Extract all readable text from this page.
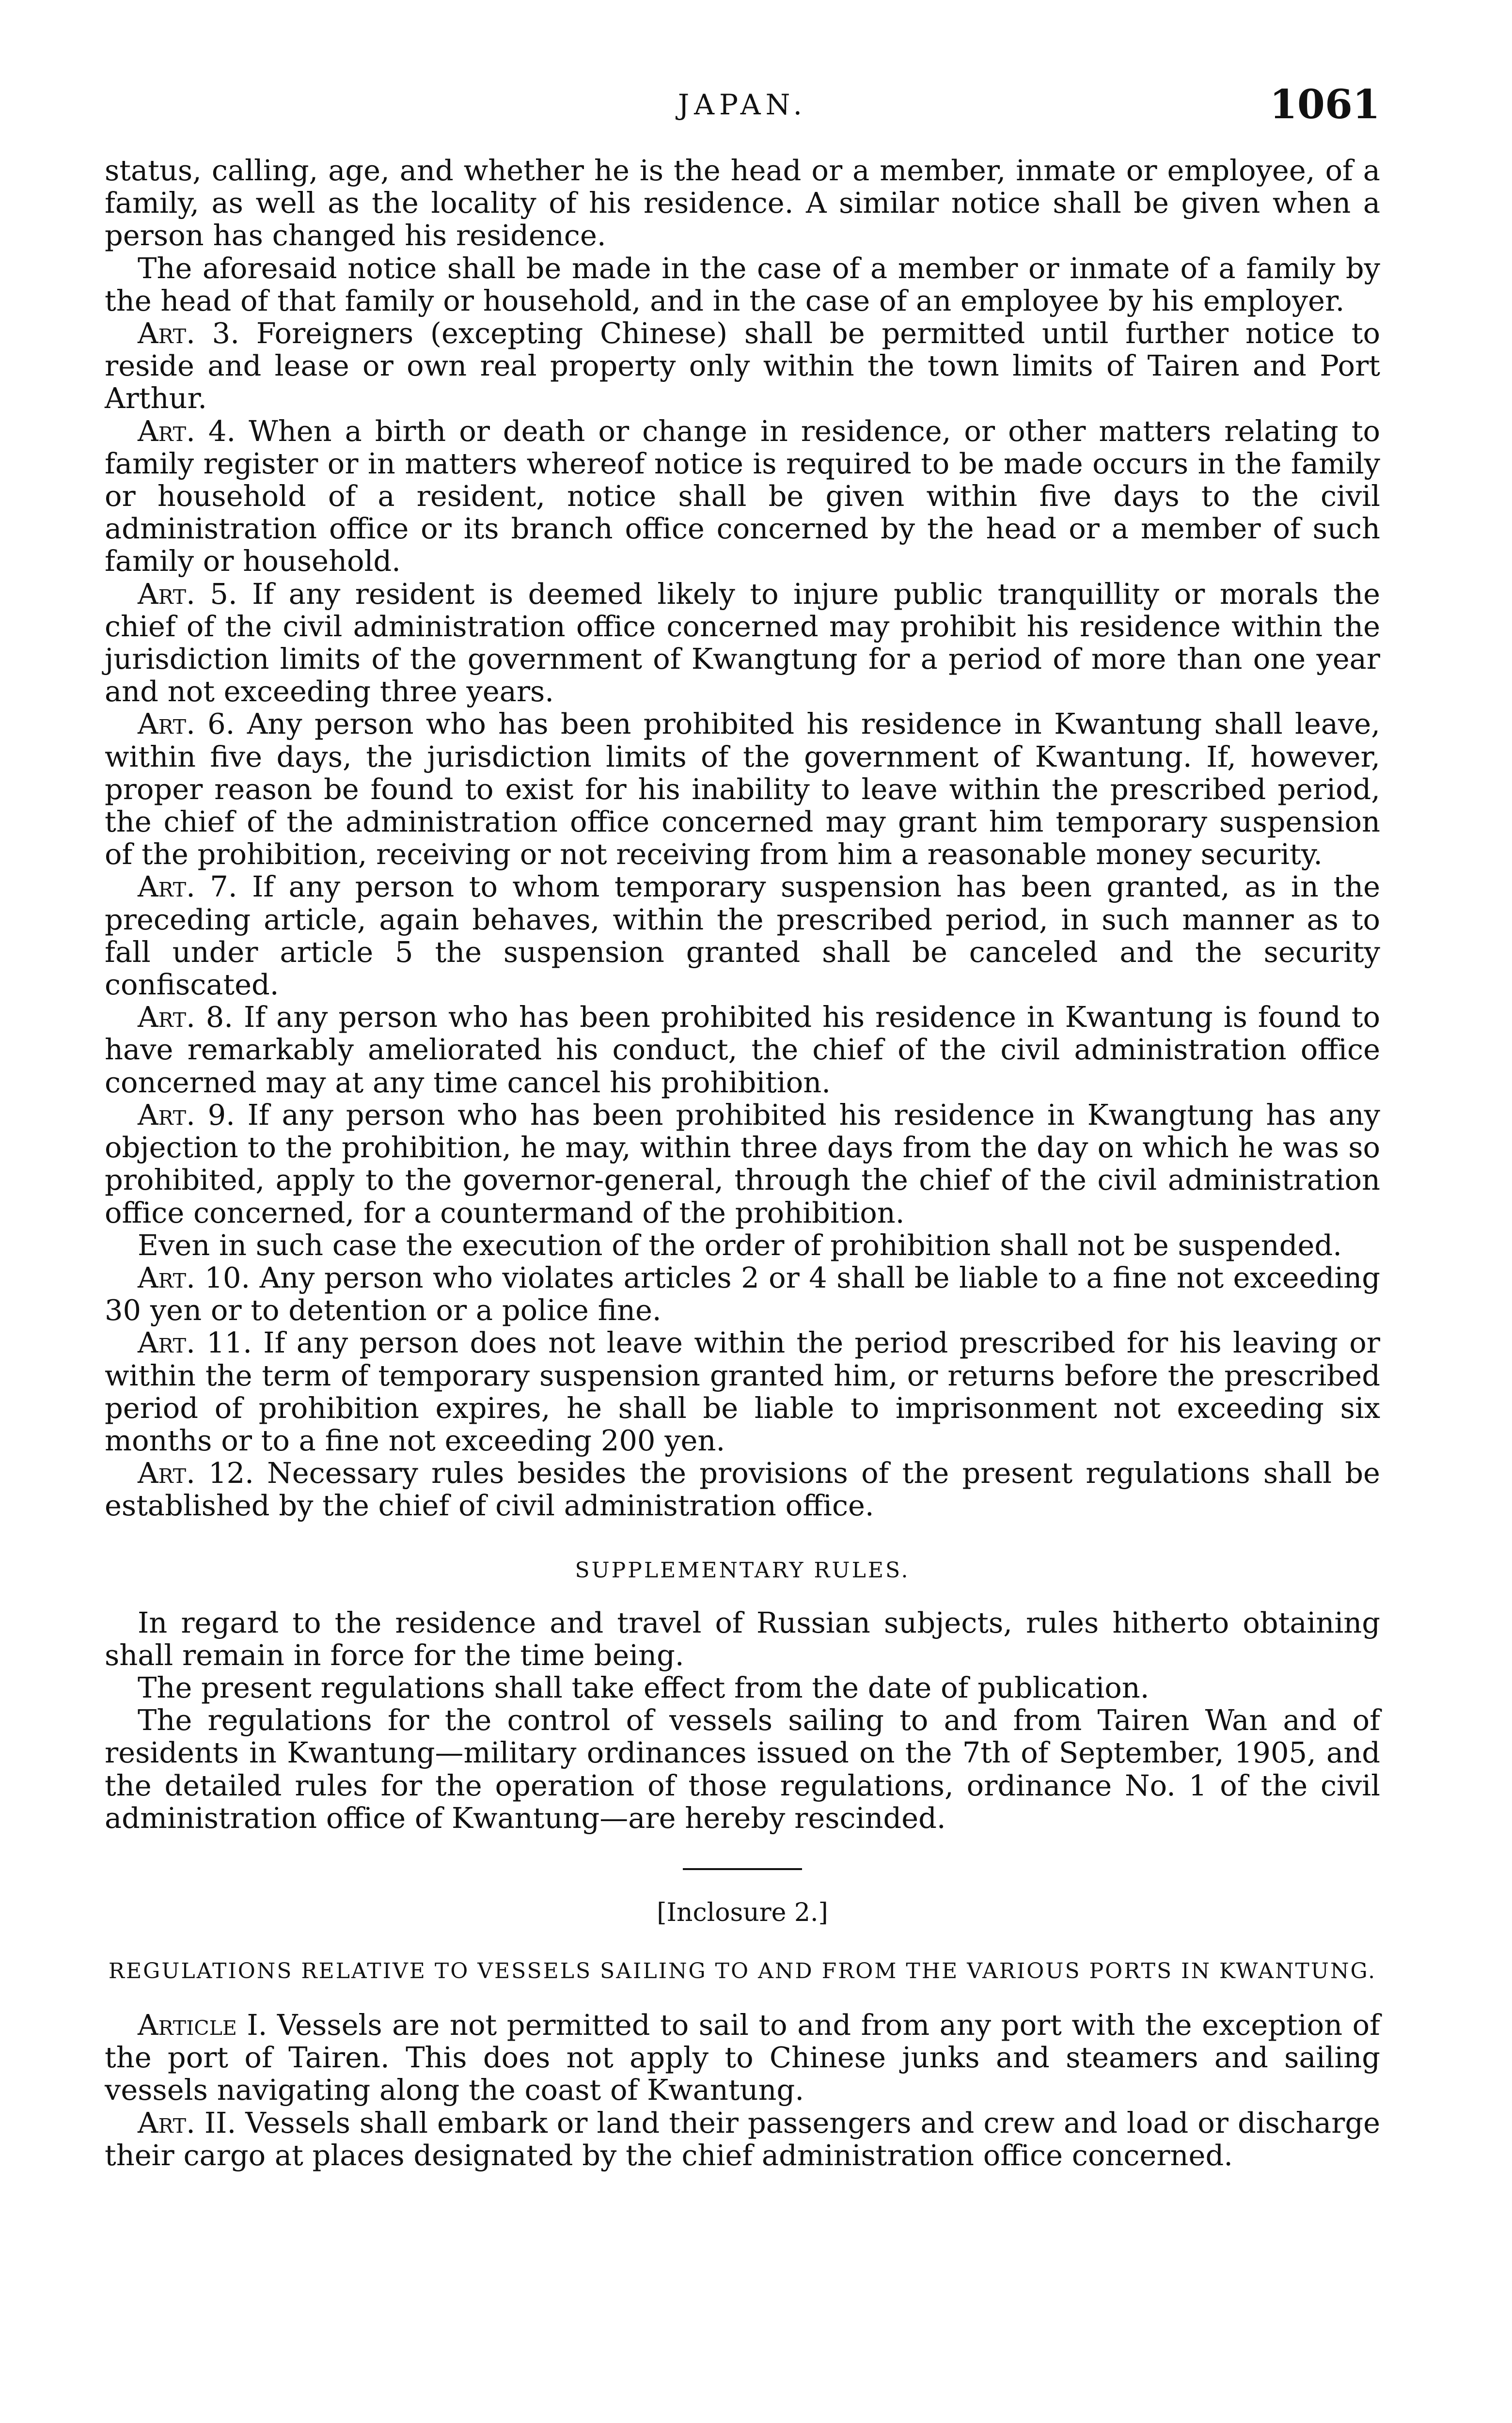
JAPAN.	1061

status, calling, age, and whether he is the head or a member, inmate or employee, of a family, as well as the locality of his residence. A similar notice shall be given when a person has changed his residence.

The aforesaid notice shall be made in the case of a member or inmate of a family by the head of that family or household, and in the case of an employee by his employer.

Art. 3. Foreigners (excepting Chinese) shall be permitted until further notice to reside and lease or own real property only within the town limits of Tairen and Port Arthur.

Art. 4. When a birth or death or change in residence, or other matters relating to family register or in matters whereof notice is required to be made occurs in the family or household of a resident, notice shall be given within five days to the civil administration office or its branch office concerned by the head or a member of such family or household.

Art. 5. If any resident is deemed likely to injure public tranquillity or morals the chief of the civil administration office concerned may prohibit his residence within the jurisdiction limits of the government of Kwangtung for a period of more than one year and not exceeding three years.

Art. 6. Any person who has been prohibited his residence in Kwantung shall leave, within five days, the jurisdiction limits of the government of Kwantung. If, however, proper reason be found to exist for his inability to leave within the prescribed period, the chief of the administration office concerned may grant him temporary suspension of the prohibition, receiving or not receiving from him a reasonable money security.

Art. 7. If any person to whom temporary suspension has been granted, as in the preceding article, again behaves, within the prescribed period, in such manner as to fall under article 5 the suspension granted shall be canceled and the security confiscated.

Art. 8. If any person who has been prohibited his residence in Kwantung is found to have remarkably ameliorated his conduct, the chief of the civil administration office concerned may at any time cancel his prohibition.

Art. 9. If any person who has been prohibited his residence in Kwangtung has any objection to the prohibition, he may, within three days from the day on which he was so prohibited, apply to the governor-general, through the chief of the civil administration office concerned, for a countermand of the prohibition.

Even in such case the execution of the order of prohibition shall not be suspended.

Art. 10. Any person who violates articles 2 or 4 shall be liable to a fine not exceeding 30 yen or to detention or a police fine.

Art. 11. If any person does not leave within the period prescribed for his leaving or within the term of temporary suspension granted him, or returns before the prescribed period of prohibition expires, he shall be liable to imprisonment not exceeding six months or to a fine not exceeding 200 yen.

Art. 12. Necessary rules besides the provisions of the present regulations shall be established by the chief of civil administration office.

SUPPLEMENTARY RULES.

In regard to the residence and travel of Russian subjects, rules hitherto obtaining shall remain in force for the time being.

The present regulations shall take effect from the date of publication.

The regulations for the control of vessels sailing to and from Tairen Wan and of residents in Kwantung—military ordinances issued on the 7th of September, 1905, and the detailed rules for the operation of those regulations, ordinance No. 1 of the civil administration office of Kwantung—are hereby rescinded.

[Inclosure 2.]
REGULATIONS RELATIVE TO VESSELS SAILING TO AND FROM THE VARIOUS PORTS IN KWANTUNG.

Article I. Vessels are not permitted to sail to and from any port with the exception of the port of Tairen. This does not apply to Chinese junks and steamers and sailing vessels navigating along the coast of Kwantung.

Art. II. Vessels shall embark or land their passengers and crew and load or discharge their cargo at places designated by the chief administration office concerned.
